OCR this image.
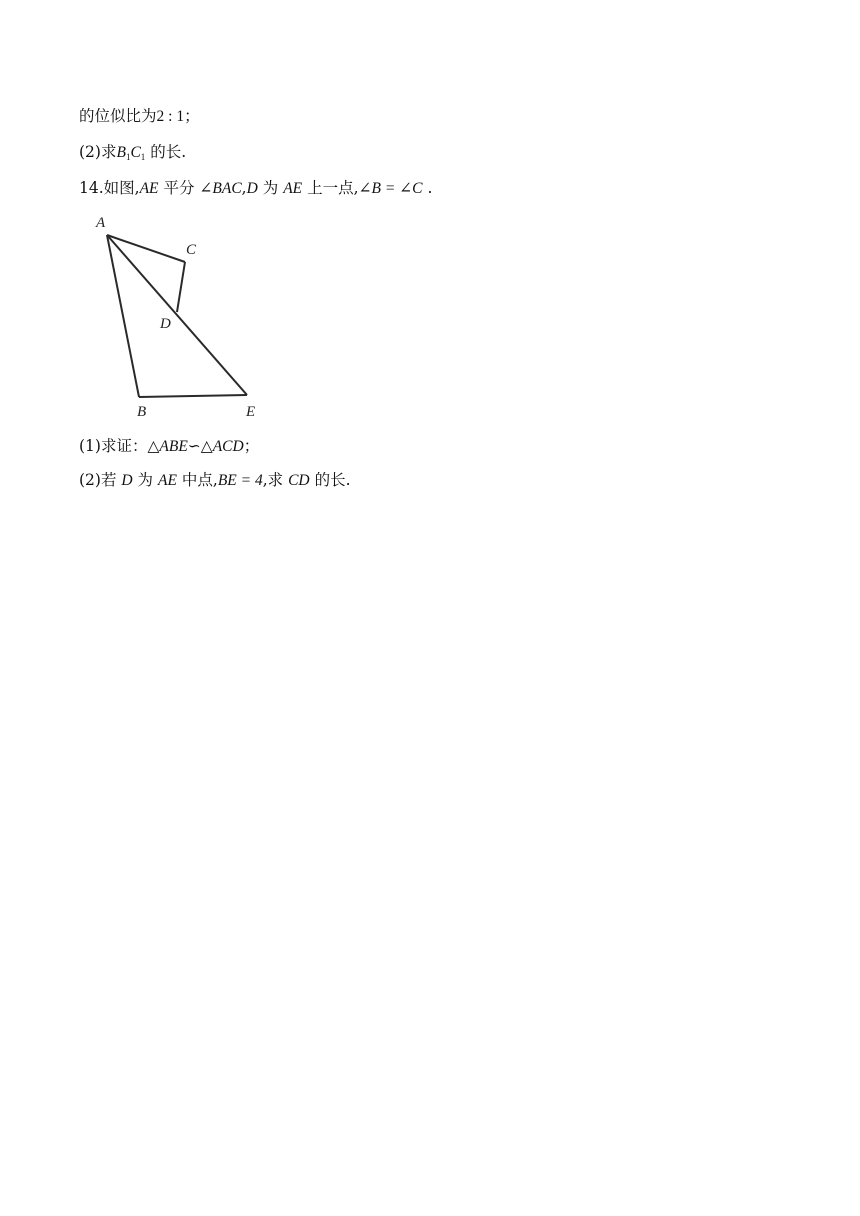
的位似比为2 : 1；
(2)求$B_1C_1$ 的长.
14.如图,AE 平分 ∠BAC,D 为 AE 上一点,∠B = ∠C .
A
C
D
B	E
(1)求证：△ABE∽△ACD；
(2)若 D 为 AE 中点,BE = 4,求 CD 的长.
